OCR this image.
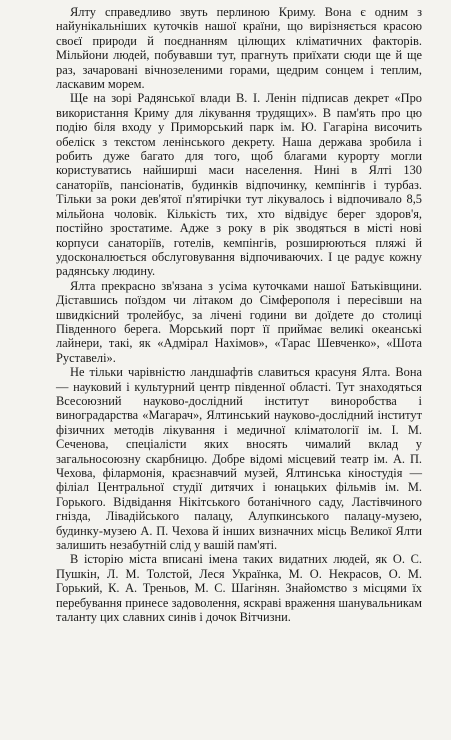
Ялту справедливо звуть перлиною Криму. Вона є одним з найунікальніших куточків нашої країни, що вирізняється красою своєї природи й поєднанням цілющих кліматичних факторів. Мільйони людей, побувавши тут, прагнуть приїхати сюди ще й ще раз, зачаровані вічнозеленими горами, щедрим сонцем і теплим, ласкавим морем.

Ще на зорі Радянської влади В. І. Ленін підписав декрет «Про використання Криму для лікування трудящих». В пам'ять про цю подію біля входу у Приморський парк ім. Ю. Гагаріна височить обеліск з текстом ленінського декрету. Наша держава зробила і робить дуже багато для того, щоб благами курорту могли користуватись найширші маси населення. Нині в Ялті 130 санаторіїв, пансіонатів, будинків відпочинку, кемпінгів і турбаз. Тільки за роки дев'ятої п'ятирічки тут лікувалось і відпочивало 8,5 мільйона чоловік. Кількість тих, хто відвідує берег здоров'я, постійно зростатиме. Адже з року в рік зводяться в місті нові корпуси санаторіїв, готелів, кемпінгів, розширюються пляжі й удосконалюється обслуговування відпочиваючих. І це радує кожну радянську людину.

Ялта прекрасно зв'язана з усіма куточками нашої Батьківщини. Діставшись поїздом чи літаком до Сімферополя і пересівши на швидкісний тролейбус, за лічені години ви доїдете до столиці Південного берега. Морський порт її приймає великі океанські лайнери, такі, як «Адмірал Нахімов», «Тарас Шевченко», «Шота Руставелі».

Не тільки чарівністю ландшафтів славиться красуня Ялта. Вона — науковий і культурний центр південної області. Тут знаходяться Всесоюзний науково-дослідний інститут виноробства і виноградарства «Магарач», Ялтинський науково-дослідний інститут фізичних методів лікування і медичної кліматології ім. І. М. Сеченова, спеціалісти яких вносять чималий вклад у загальносоюзну скарбницю. Добре відомі місцевий театр ім. А. П. Чехова, філармонія, краєзнавчий музей, Ялтинська кіностудія — філіал Центральної студії дитячих і юнацьких фільмів ім. М. Горького. Відвідання Нікітського ботанічного саду, Ластівчиного гнізда, Лівадійського палацу, Алупкинського палацу-музею, будинку-музею А. П. Чехова й інших визначних місць Великої Ялти залишить незабутній слід у вашій пам'яті.

В історію міста вписані імена таких видатних людей, як О. С. Пушкін, Л. М. Толстой, Леся Українка, М. О. Некрасов, О. М. Горький, К. А. Треньов, М. С. Шагінян. Знайомство з місцями їх перебування принесе задоволення, яскраві враження шанувальникам таланту цих славних синів і дочок Вітчизни.
